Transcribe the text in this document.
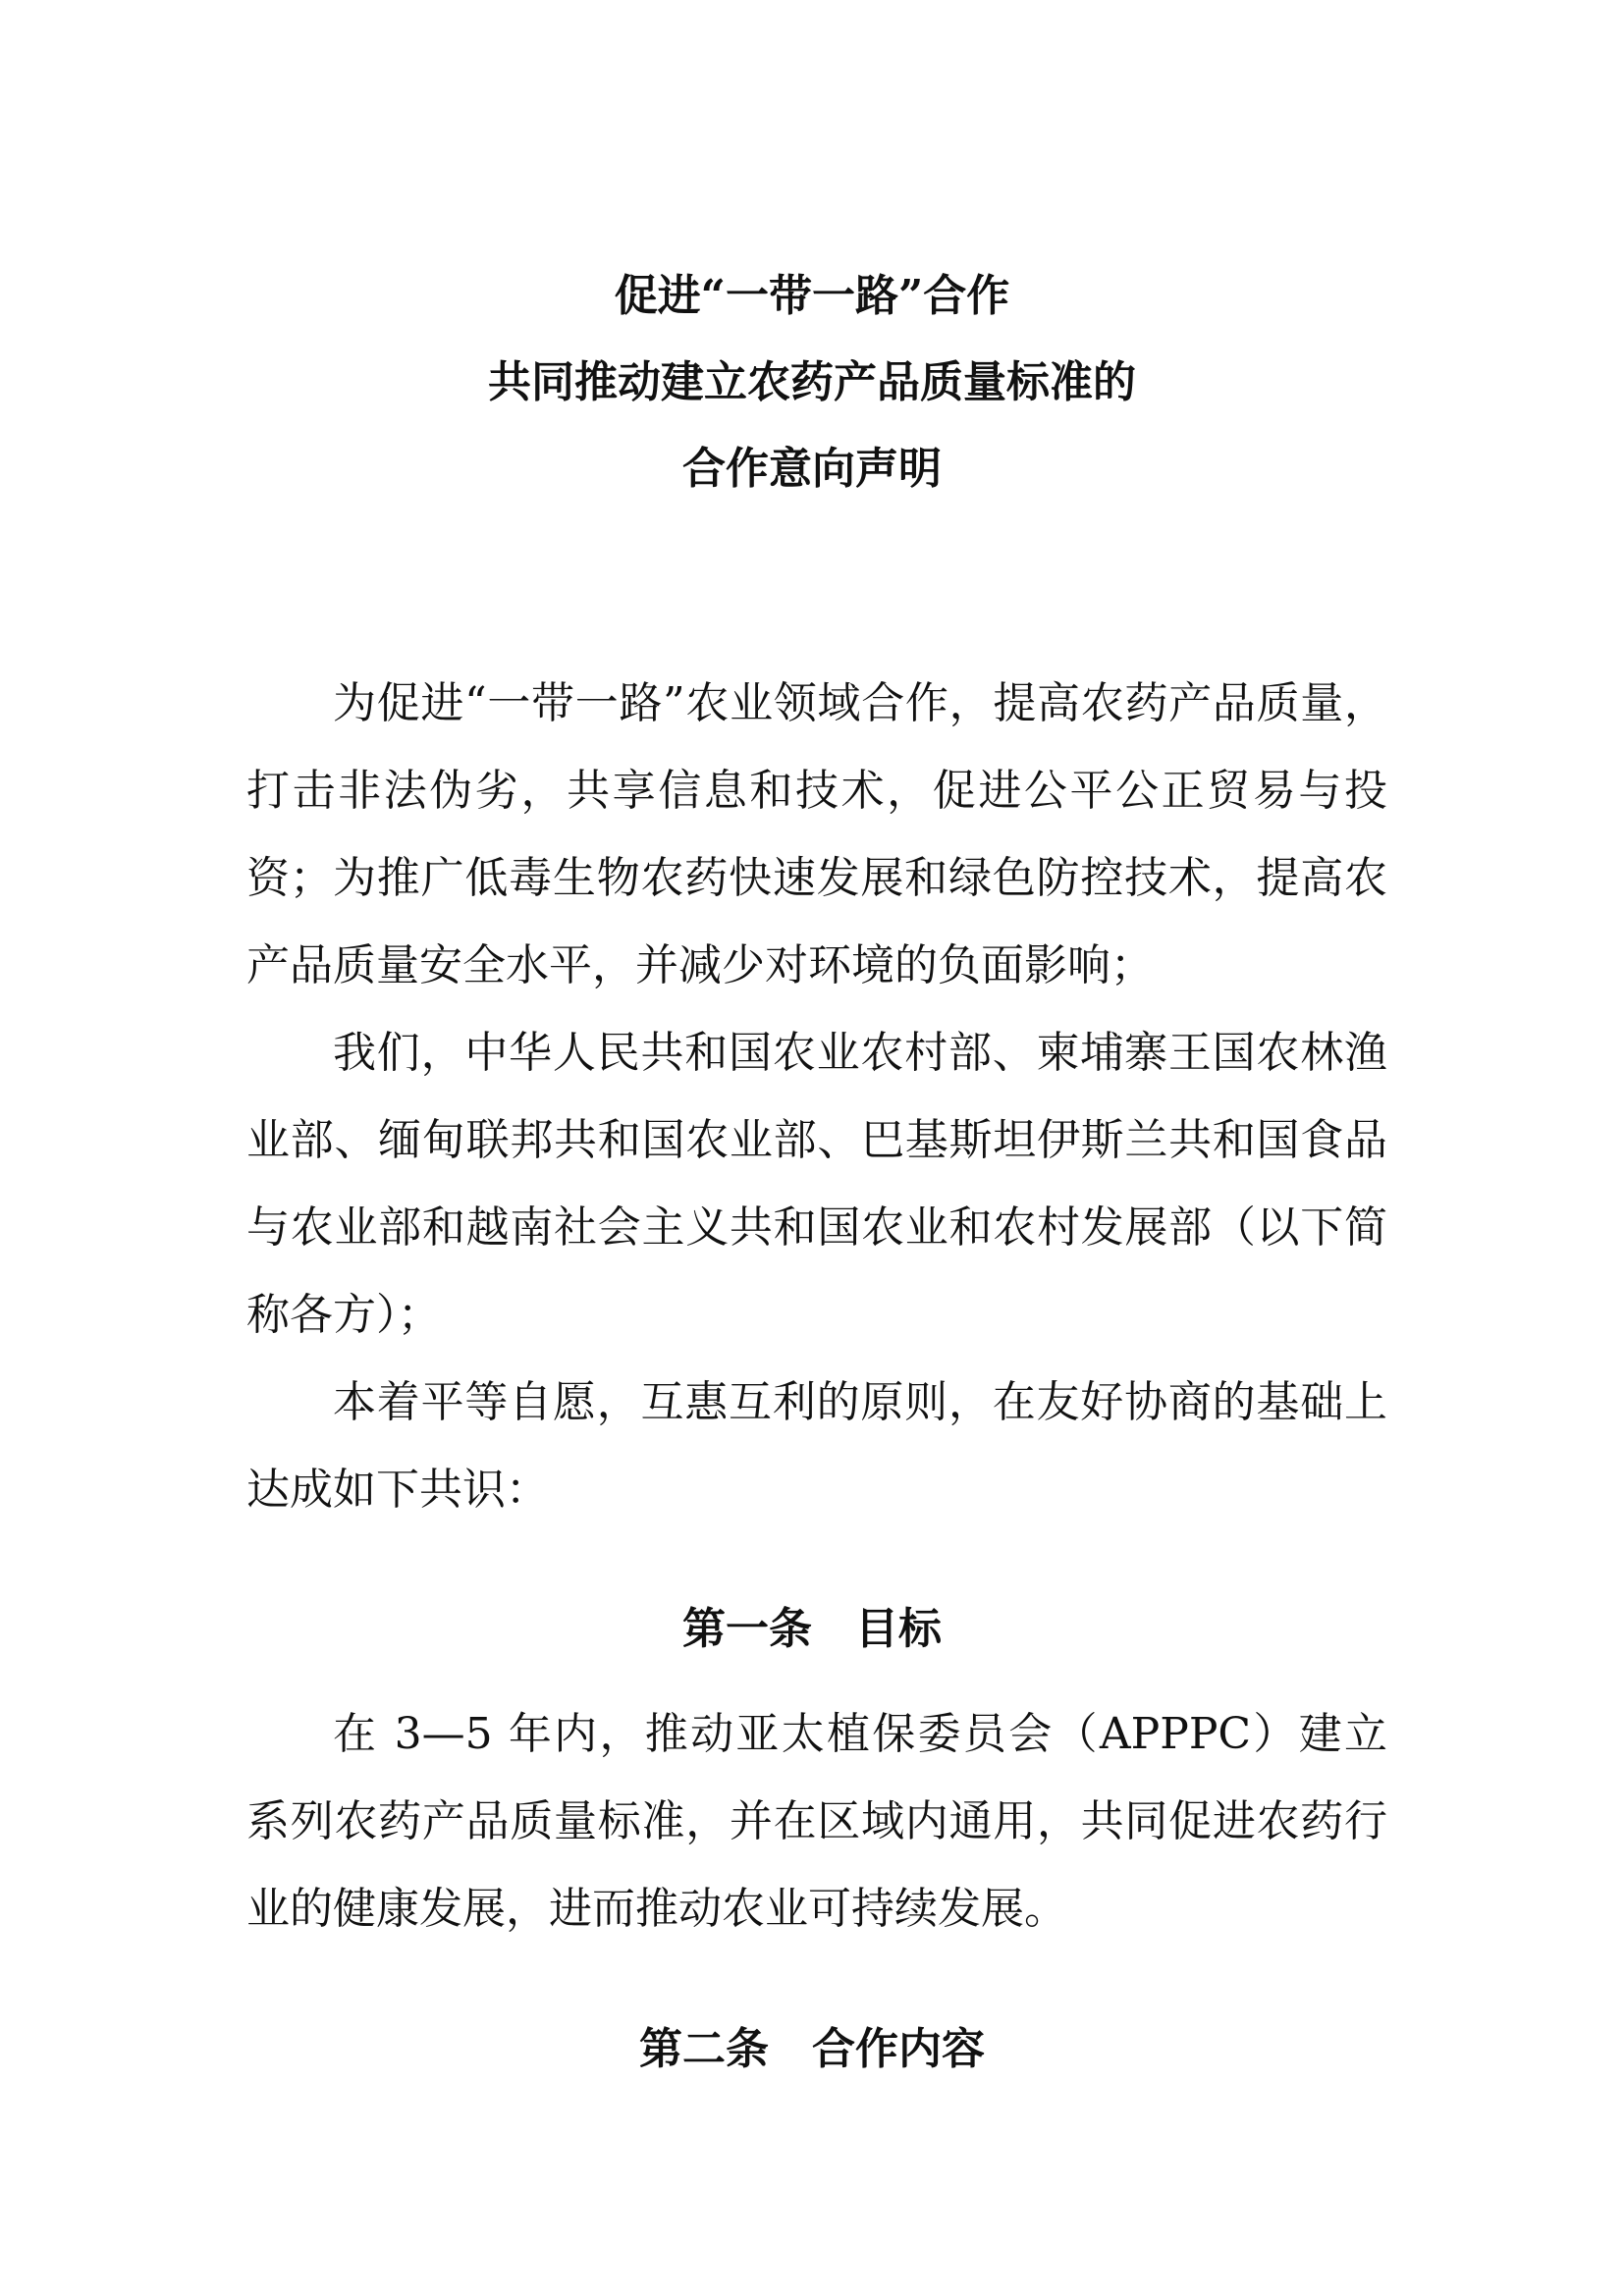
促进“一带一路”合作
共同推动建立农药产品质量标准的
合作意向声明

为促进“一带一路”农业领域合作，提高农药产品质量，打击非法伪劣，共享信息和技术，促进公平公正贸易与投资； 为推广低毒生物农药快速发展和绿色防控技术，提高农产品质量安全水平，并减少对环境的负面影响；

我们，中华人民共和国农业农村部、柬埔寨王国农林渔业部、缅甸联邦共和国农业部、巴基斯坦伊斯兰共和国食品与农业部和越南社会主义共和国农业和农村发展部（以下简称各方）；

本着平等自愿，互惠互利的原则，在友好协商的基础上达成如下共识：

第一条　目标

在 3—5 年内，推动亚太植保委员会（APPPC）建立系列农药产品质量标准，并在区域内通用，共同促进农药行业的健康发展，进而推动农业可持续发展。

第二条　合作内容
